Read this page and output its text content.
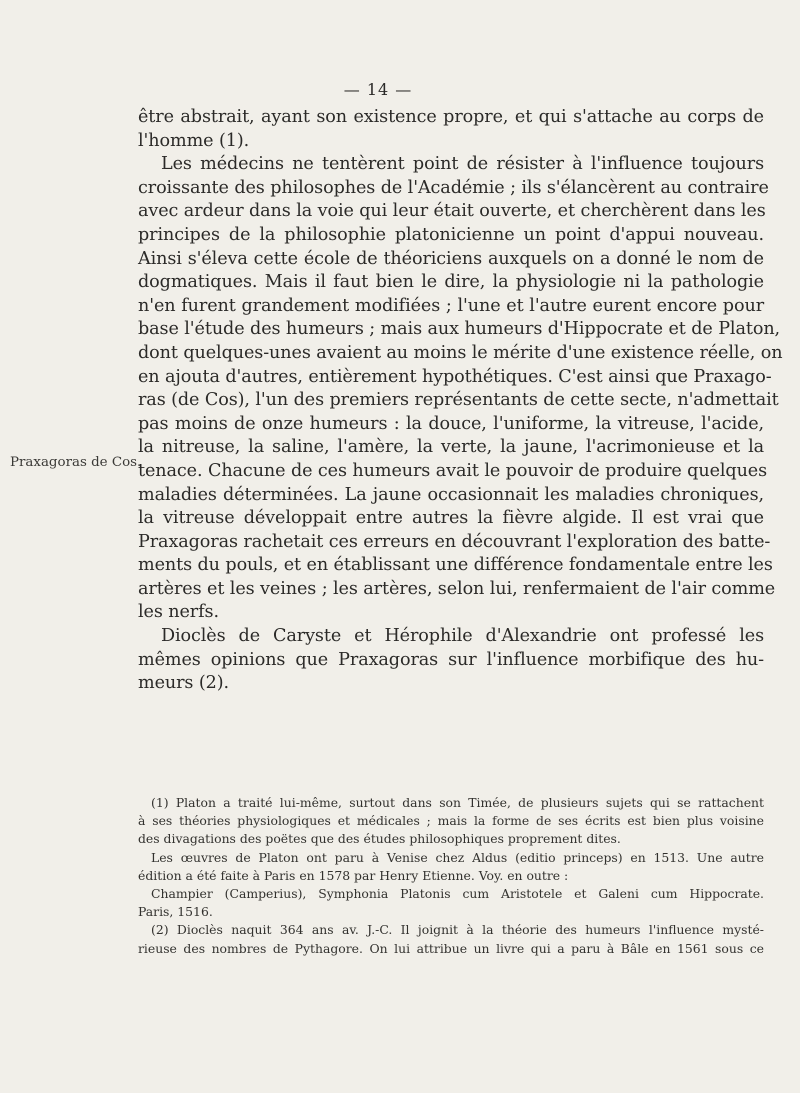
— 14 —
Praxagoras de Cos.
être abstrait, ayant son existence propre, et qui s'attache au corps de
l'homme (1).
Les médecins ne tentèrent point de résister à l'influence toujours
croissante des philosophes de l'Académie ; ils s'élancèrent au contraire
avec ardeur dans la voie qui leur était ouverte, et cherchèrent dans les
principes de la philosophie platonicienne un point d'appui nouveau.
Ainsi s'éleva cette école de théoriciens auxquels on a donné le nom de
dogmatiques. Mais il faut bien le dire, la physiologie ni la pathologie
n'en furent grandement modifiées ; l'une et l'autre eurent encore pour
base l'étude des humeurs ; mais aux humeurs d'Hippocrate et de Platon,
dont quelques-unes avaient au moins le mérite d'une existence réelle, on
en ajouta d'autres, entièrement hypothétiques. C'est ainsi que Praxago-
ras (de Cos), l'un des premiers représentants de cette secte, n'admettait
pas moins de onze humeurs : la douce, l'uniforme, la vitreuse, l'acide,
la nitreuse, la saline, l'amère, la verte, la jaune, l'acrimonieuse et la
tenace. Chacune de ces humeurs avait le pouvoir de produire quelques
maladies déterminées. La jaune occasionnait les maladies chroniques,
la vitreuse développait entre autres la fièvre algide. Il est vrai que
Praxagoras rachetait ces erreurs en découvrant l'exploration des batte-
ments du pouls, et en établissant une différence fondamentale entre les
artères et les veines ; les artères, selon lui, renfermaient de l'air comme
les nerfs.
Dioclès de Caryste et Hérophile d'Alexandrie ont professé les
mêmes opinions que Praxagoras sur l'influence morbifique des hu-
meurs (2).
(1) Platon a traité lui-même, surtout dans son Timée, de plusieurs sujets qui se rattachent
à ses théories physiologiques et médicales ; mais la forme de ses écrits est bien plus voisine
des divagations des poëtes que des études philosophiques proprement dites.
Les œuvres de Platon ont paru à Venise chez Aldus (editio princeps) en 1513. Une autre
édition a été faite à Paris en 1578 par Henry Etienne. Voy. en outre :
Champier (Camperius), Symphonia Platonis cum Aristotele et Galeni cum Hippocrate.
Paris, 1516.
(2) Dioclès naquit 364 ans av. J.-C. Il joignit à la théorie des humeurs l'influence mysté-
rieuse des nombres de Pythagore. On lui attribue un livre qui a paru à Bâle en 1561 sous ce
